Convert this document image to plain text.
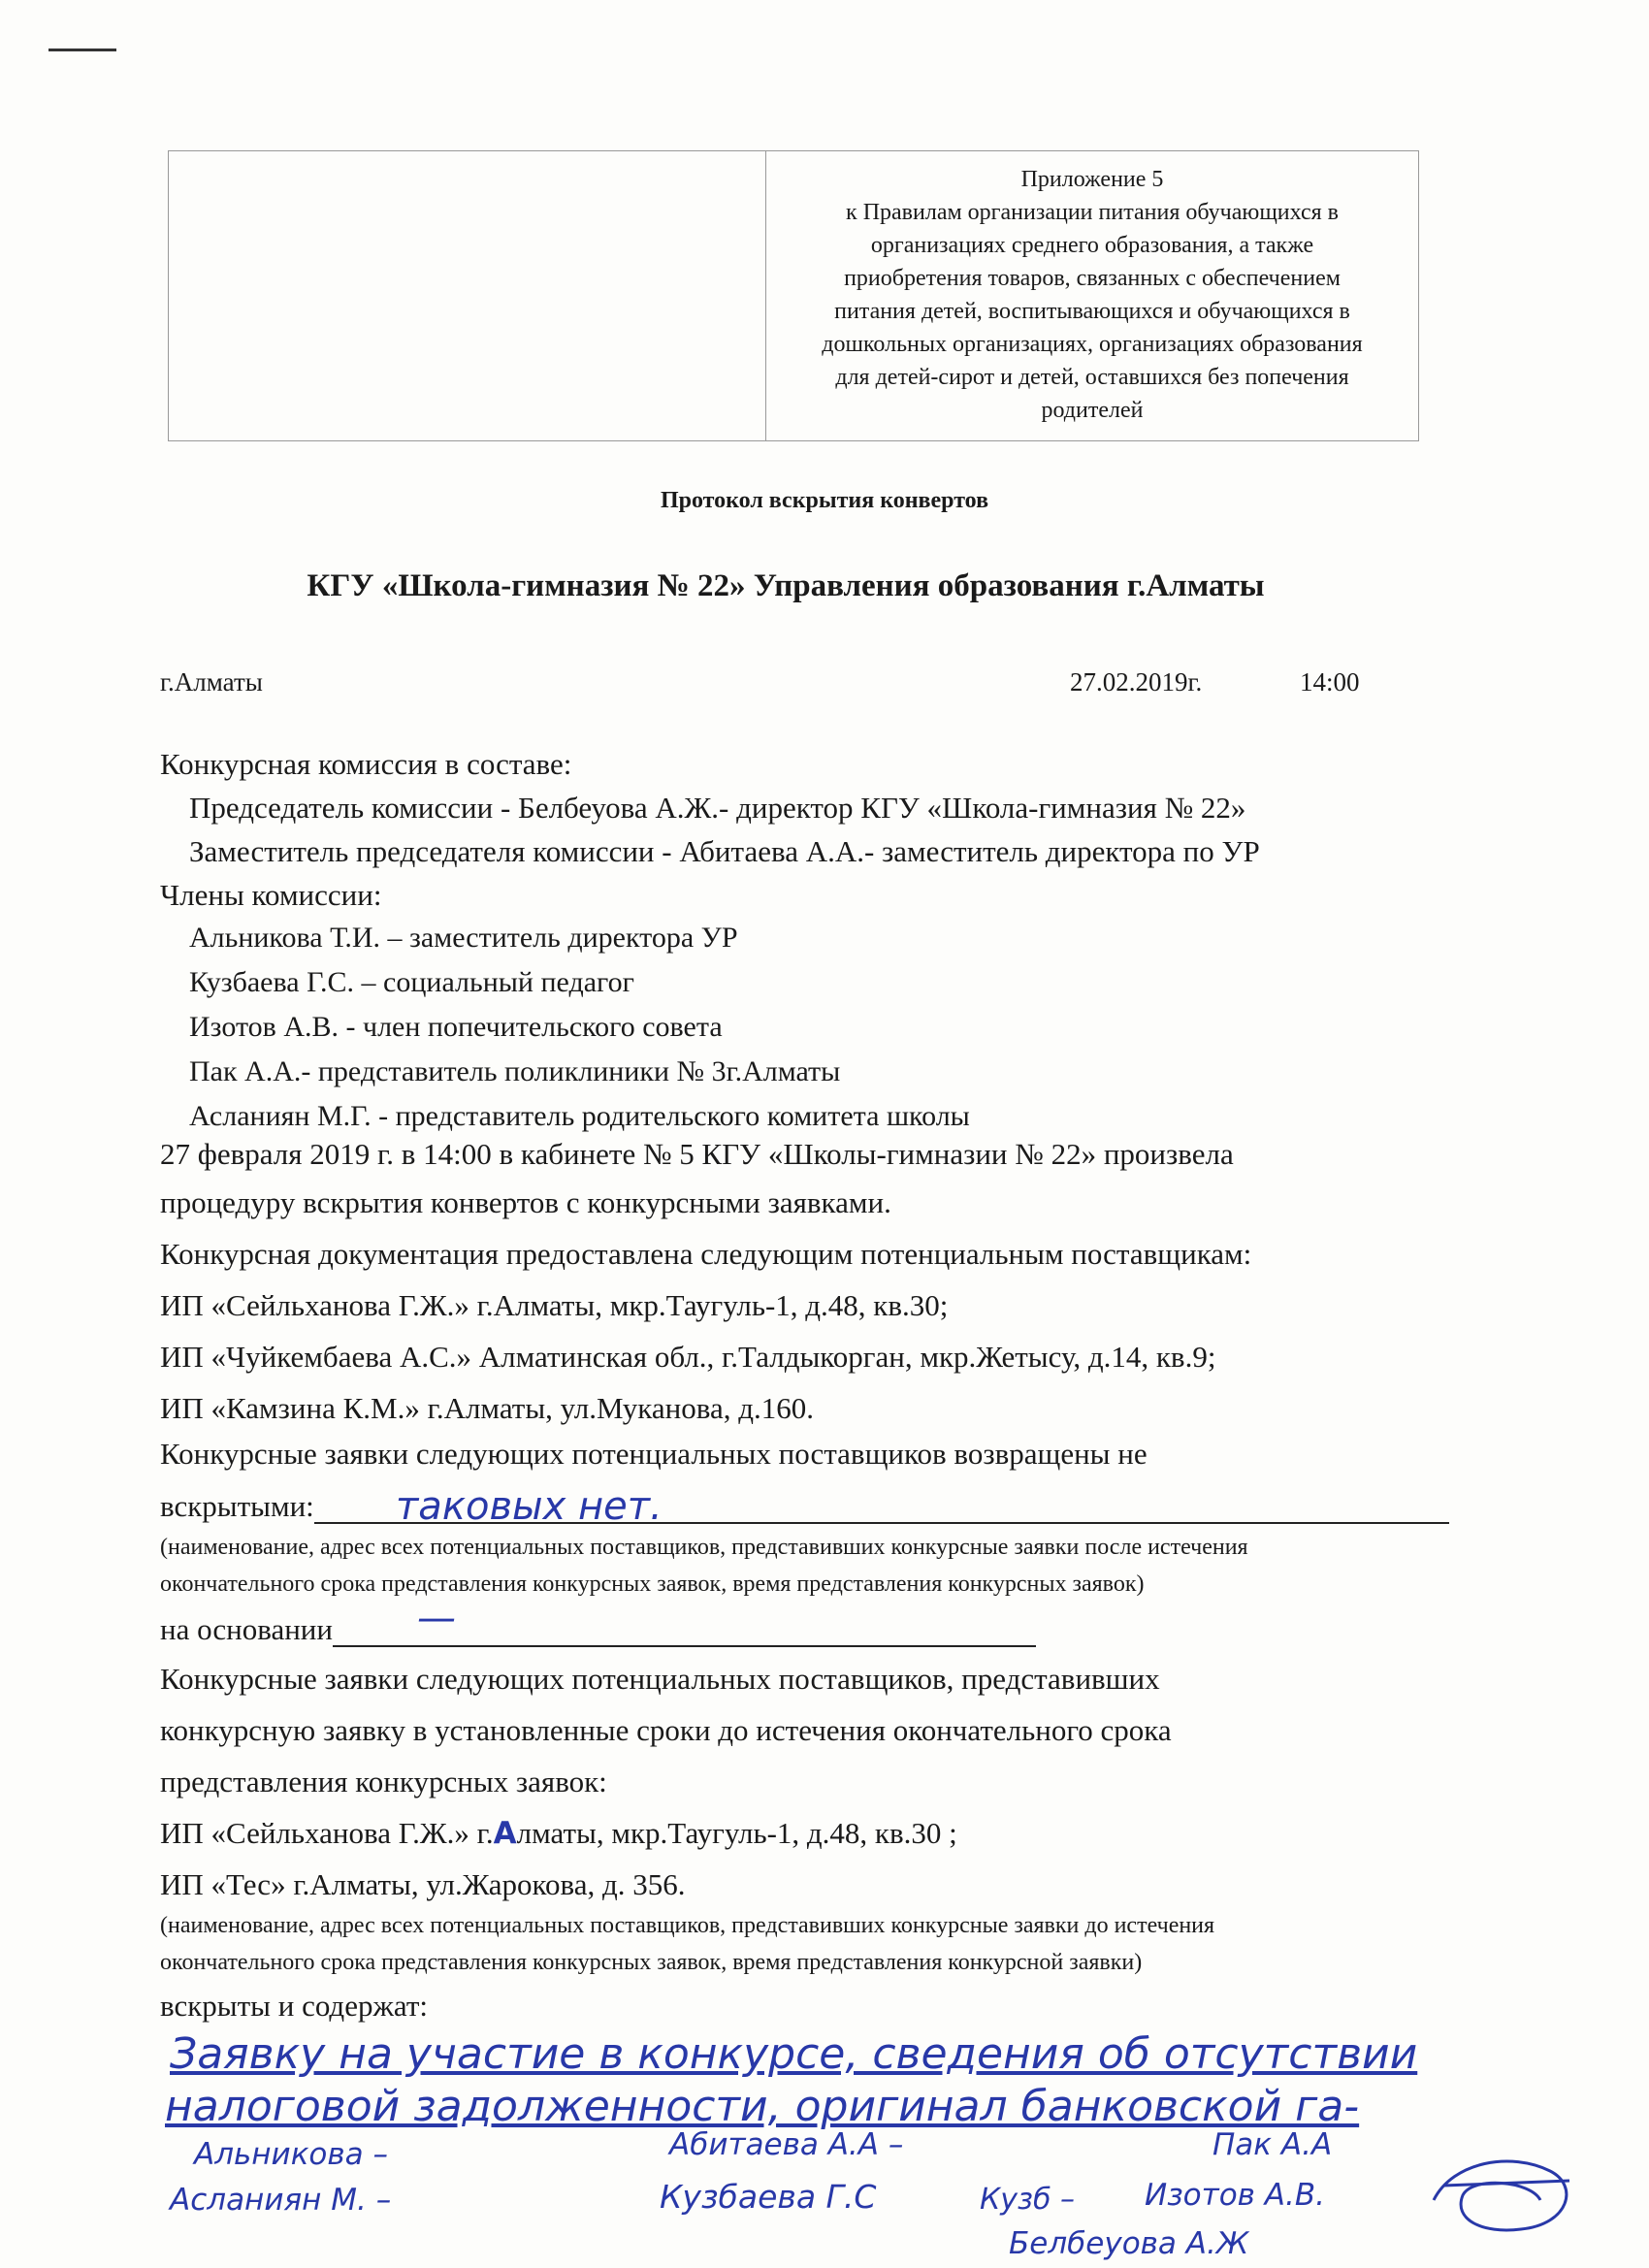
Приложение 5
к Правилам организации питания обучающихся в
организациях среднего образования, а также
приобретения товаров, связанных с обеспечением
питания детей, воспитывающихся и обучающихся в
дошкольных организациях, организациях образования
для детей-сирот и детей, оставшихся без попечения
родителей
Протокол вскрытия конвертов
КГУ «Школа-гимназия № 22» Управления образования г.Алматы
г.Алматы	27.02.2019г.	14:00
Конкурсная комиссия в составе:
Председатель комиссии - Белбеуова А.Ж.- директор КГУ «Школа-гимназия № 22»
Заместитель председателя комиссии - Абитаева А.А.- заместитель директора по УР
Члены комиссии:
Альникова Т.И. – заместитель директора УР
Кузбаева Г.С. – социальный педагог
Изотов А.В. - член попечительского совета
Пак А.А.- представитель поликлиники № 3г.Алматы
Асланиян М.Г. - представитель родительского комитета школы
27 февраля 2019 г. в 14:00 в кабинете № 5 КГУ «Школы-гимназии № 22» произвела
процедуру вскрытия конвертов с конкурсными заявками.
Конкурсная документация предоставлена следующим потенциальным поставщикам:
ИП «Сейльханова Г.Ж.» г.Алматы, мкр.Таугуль-1, д.48, кв.30;
ИП «Чуйкембаева А.С.» Алматинская обл., г.Талдыкорган, мкр.Жетысу, д.14, кв.9;
ИП «Камзина К.М.» г.Алматы, ул.Муканова, д.160.
Конкурсные заявки следующих потенциальных поставщиков возвращены не
вскрытыми:	таковых нет.
(наименование, адрес всех потенциальных поставщиков, представивших конкурсные заявки после истечения
окончательного срока представления конкурсных заявок, время представления конкурсных заявок)
на основании	—
Конкурсные заявки следующих потенциальных поставщиков, представивших
конкурсную заявку в установленные сроки до истечения окончательного срока
представления конкурсных заявок:
ИП «Сейльханова Г.Ж.» г.Алматы, мкр.Таугуль-1, д.48, кв.30 ;
ИП «Тес» г.Алматы, ул.Жарокова, д. 356.
(наименование, адрес всех потенциальных поставщиков, представивших конкурсные заявки до истечения
окончательного срока представления конкурсных заявок, время представления конкурсной заявки)
вскрыты и содержат:
Заявку на участие в конкурсе, сведения об отсутствии
налоговой задолженности, оригинал банковской га-
Альникова –	Абитаева А.А –	Пак А.А
Асланиян М. –	Кузбаева Г.С	Кузб – Изотов А.В.
Белбеуова А.Ж
